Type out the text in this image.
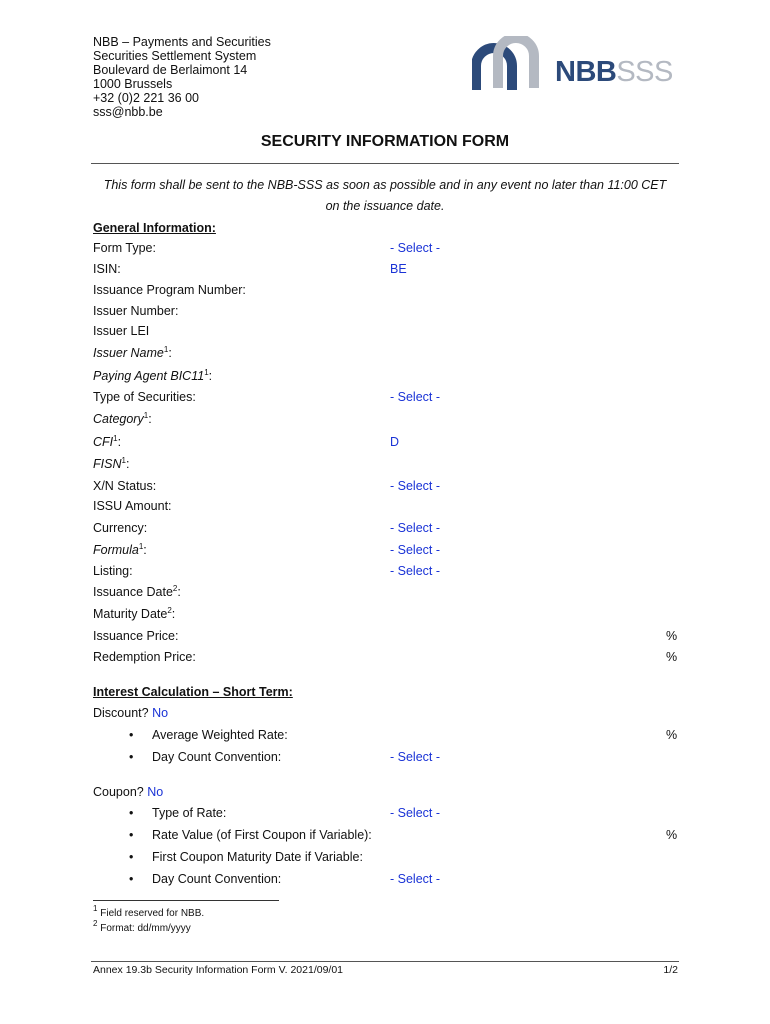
NBB – Payments and Securities
Securities Settlement System
Boulevard de Berlaimont 14
1000 Brussels
+32 (0)2 221 36 00
sss@nbb.be
NBBSSS
SECURITY INFORMATION FORM
This form shall be sent to the NBB-SSS as soon as possible and in any event no later than 11:00 CET
on the issuance date.
General Information:
Form Type:	- Select -
ISIN:	BE
Issuance Program Number:
Issuer Number:
Issuer LEI
Issuer Name$^1$:
Paying Agent $BIC11^1$:
Type of Securities:	- Select -
Category$^1$:
CFI$^1$:	D
FISN$^1$:
X/N Status:	- Select -
ISSU Amount:
Currency:	- Select -
Formula$^1$:	- Select -
Listing:	- Select -
Issuance Date$^2$:
Maturity Date$^2$:
Issuance Price:	%
Redemption Price:	%
Interest Calculation – Short Term:
Discount? No
• Average Weighted Rate:	%
• Day Count Convention:	- Select -
Coupon? No
• Type of Rate:	- Select -
• Rate Value (of First Coupon if Variable):	%
• First Coupon Maturity Date if Variable:
• Day Count Convention:	- Select -
$^1$ Field reserved for NBB.
$^2$ Format: dd/mm/yyyy
Annex 19.3b Security Information Form V. 2021/09/01	1/2
